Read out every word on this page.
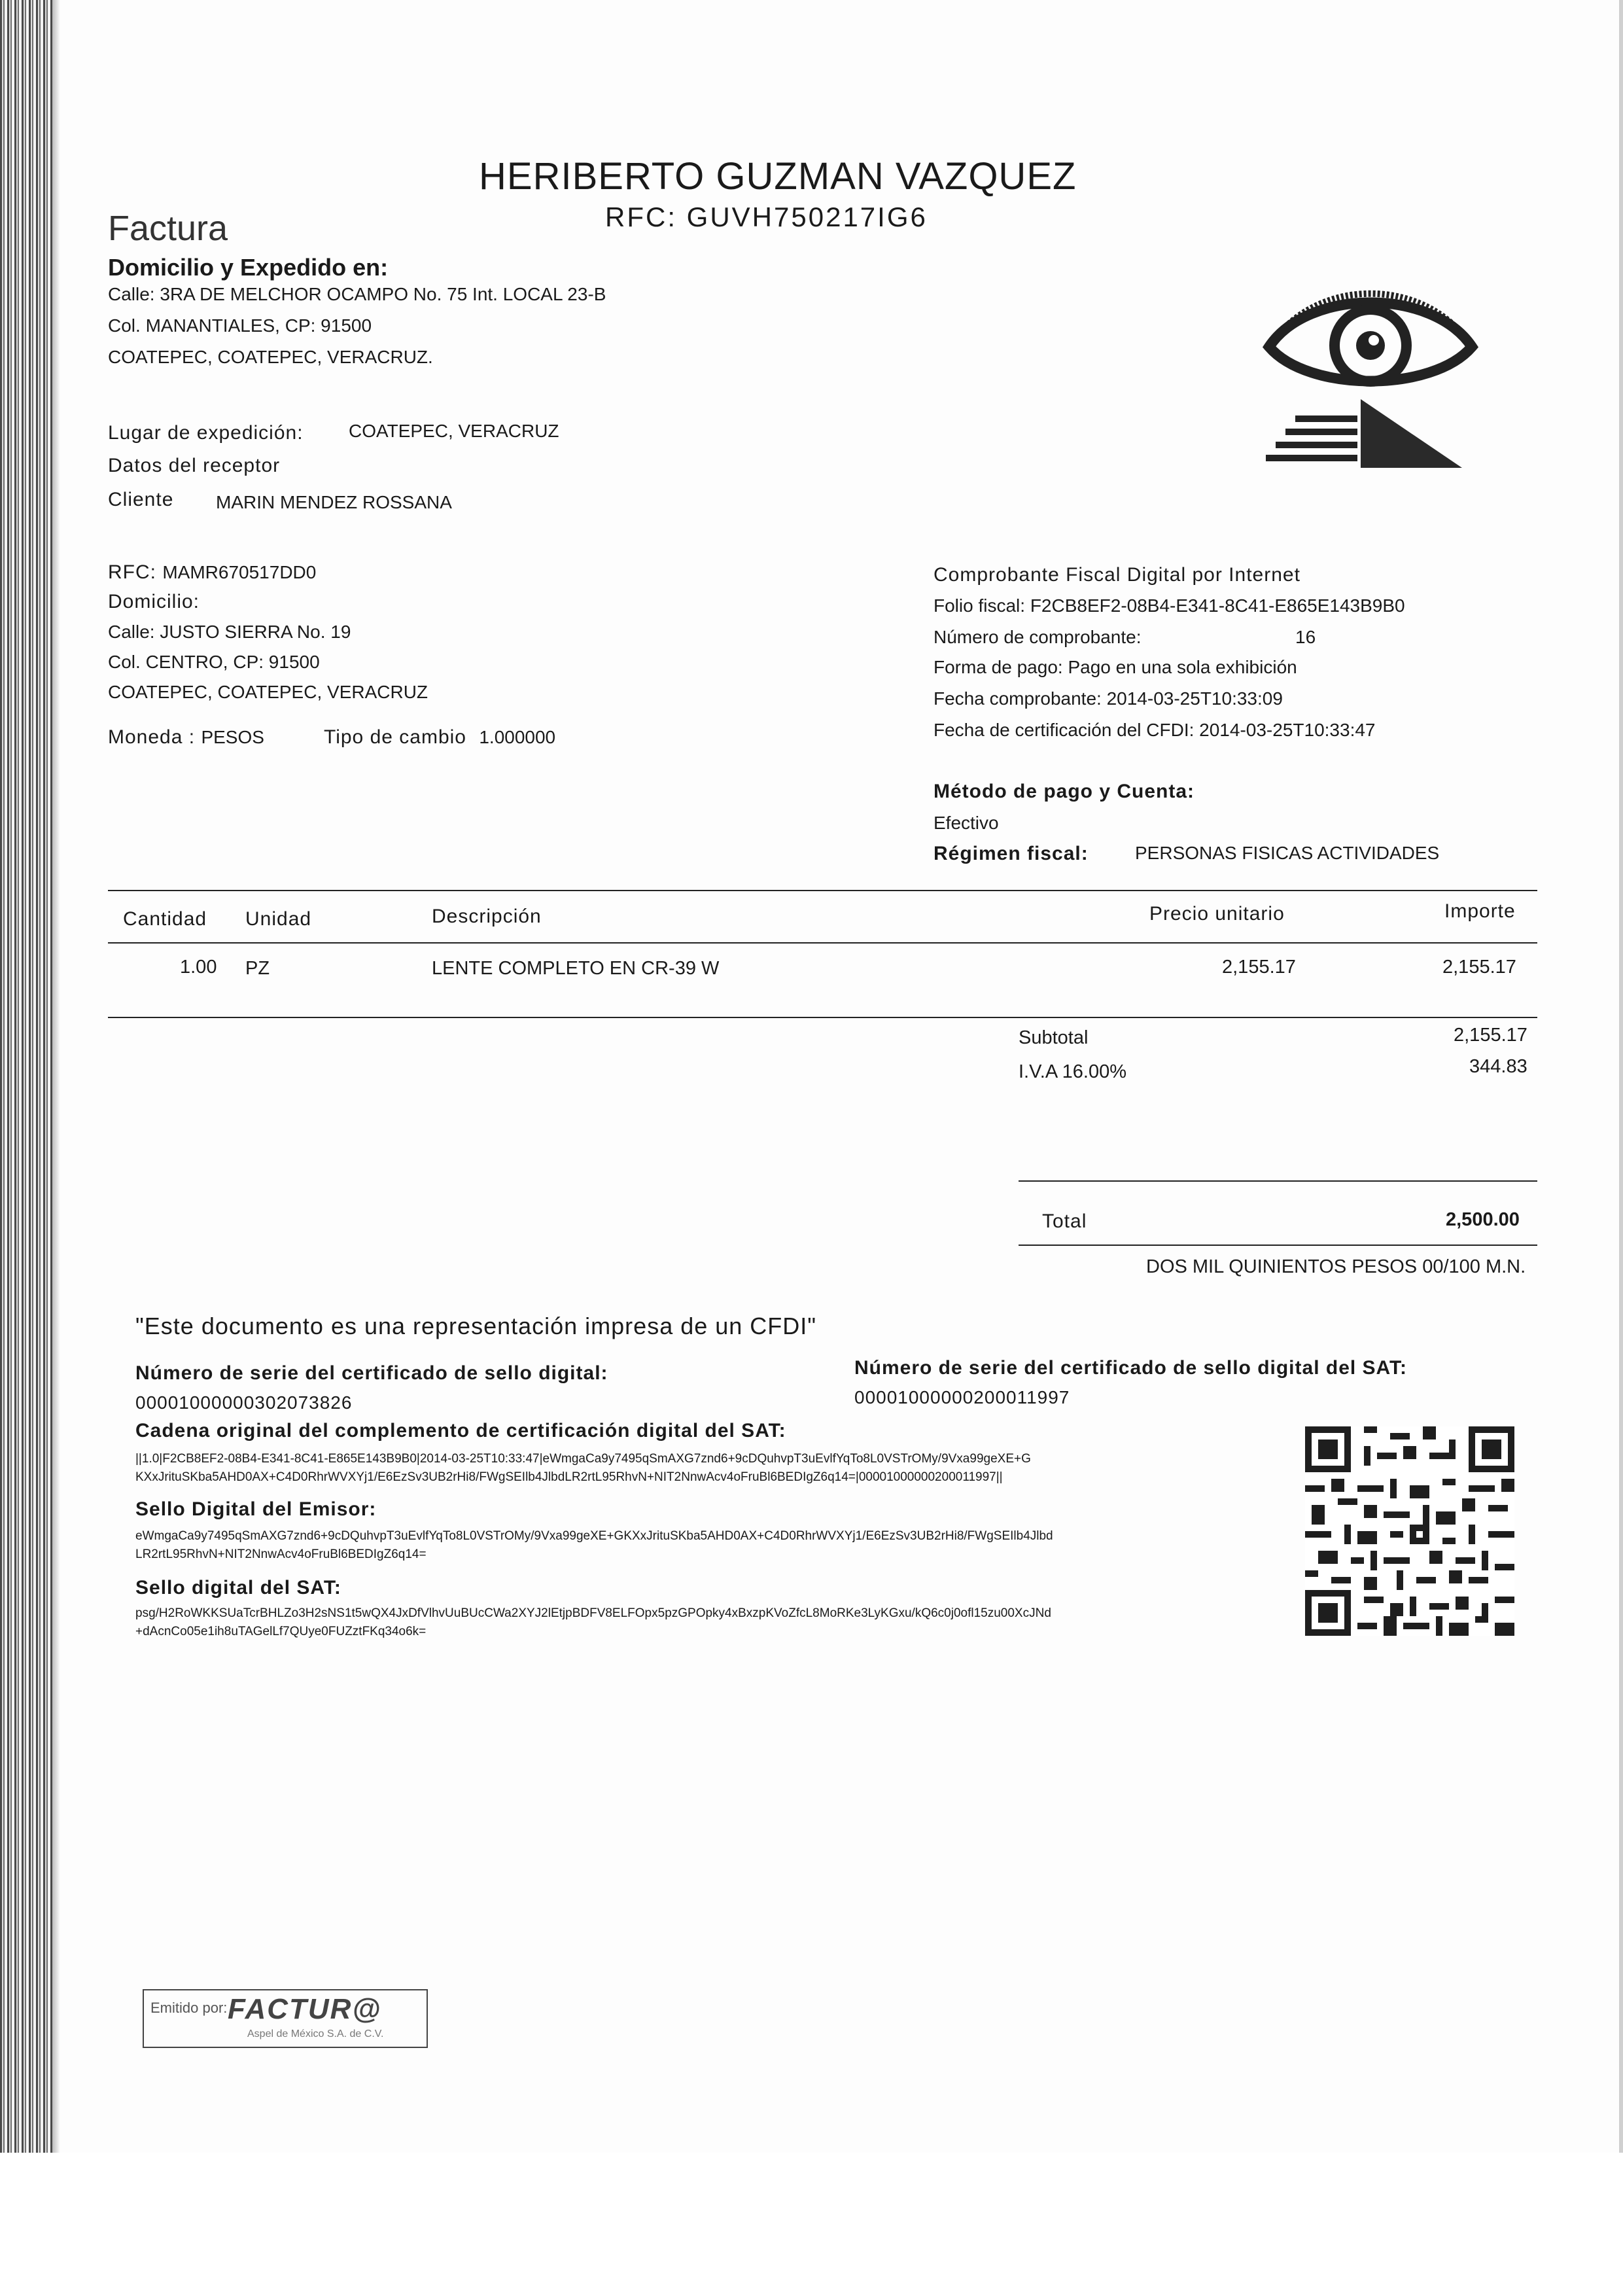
HERIBERTO GUZMAN VAZQUEZ
RFC: GUVH750217IG6
Factura
Domicilio y Expedido en:
Calle: 3RA DE MELCHOR OCAMPO No. 75 Int. LOCAL 23-B
Col. MANANTIALES, CP: 91500
COATEPEC, COATEPEC, VERACRUZ.
Lugar de expedición: COATEPEC, VERACRUZ
Datos del receptor
Cliente MARIN MENDEZ ROSSANA
RFC: MAMR670517DD0
Domicilio:
Calle: JUSTO SIERRA No. 19
Col. CENTRO, CP: 91500
COATEPEC, COATEPEC, VERACRUZ
Moneda : PESOS	Tipo de cambio 1.000000
Comprobante Fiscal Digital por Internet
Folio fiscal: F2CB8EF2-08B4-E341-8C41-E865E143B9B0
Número de comprobante:	16
Forma de pago: Pago en una sola exhibición
Fecha comprobante: 2014-03-25T10:33:09
Fecha de certificación del CFDI: 2014-03-25T10:33:47
Método de pago y Cuenta:
Efectivo
Régimen fiscal:	PERSONAS FISICAS ACTIVIDADES
Cantidad Unidad	Descripción	Precio unitario	Importe
1.00 PZ	LENTE COMPLETO EN CR-39 W	2,155.17	2,155.17
Subtotal	2,155.17
I.V.A 16.00%	344.83
Total	2,500.00
DOS MIL QUINIENTOS PESOS 00/100 M.N.
"Este documento es una representación impresa de un CFDI"
Número de serie del certificado de sello digital:
00001000000302073826
Número de serie del certificado de sello digital del SAT:
00001000000200011997
Cadena original del complemento de certificación digital del SAT:
||1.0|F2CB8EF2-08B4-E341-8C41-E865E143B9B0|2014-03-25T10:33:47|eWmgaCa9y7495qSmAXG7znd6+9cDQuhvpT3uEvlfYqTo8L0VSTrOMy/9Vxa99geXE+G
KXxJrituSKba5AHD0AX+C4D0RhrWVXYj1/E6EzSv3UB2rHi8/FWgSEIlb4JlbdLR2rtL95RhvN+NIT2NnwAcv4oFruBl6BEDIgZ6q14=|00001000000200011997||
Sello Digital del Emisor:
eWmgaCa9y7495qSmAXG7znd6+9cDQuhvpT3uEvlfYqTo8L0VSTrOMy/9Vxa99geXE+GKXxJrituSKba5AHD0AX+C4D0RhrWVXYj1/E6EzSv3UB2rHi8/FWgSEIlb4Jlbd
LR2rtL95RhvN+NIT2NnwAcv4oFruBl6BEDIgZ6q14=
Sello digital del SAT:
psg/H2RoWKKSUaTcrBHLZo3H2sNS1t5wQX4JxDfVlhvUuBUcCWa2XYJ2lEtjpBDFV8ELFOpx5pzGPOpky4xBxzpKVoZfcL8MoRKe3LyKGxu/kQ6c0j0ofl15zu00XcJNd
+dAcnCo05e1ih8uTAGelLf7QUye0FUZztFKq34o6k=
Emitido por: FACTUR@
Aspel de México S.A. de C.V.
